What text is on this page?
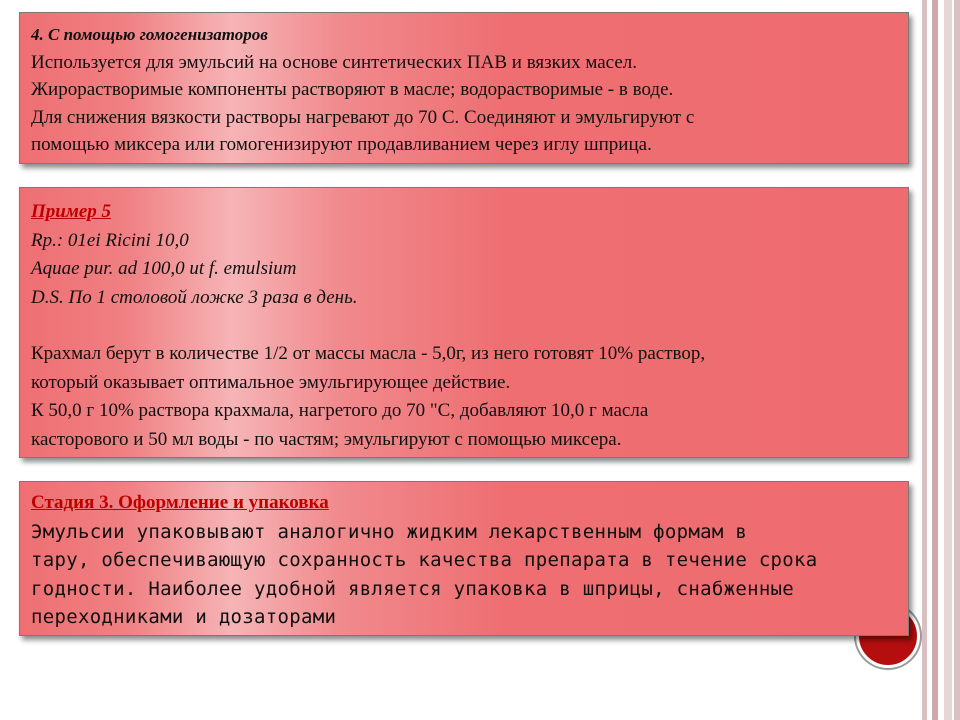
4. С помощью гомогенизаторов
Используется для эмульсий на основе синтетических ПАВ и вязких масел.
Жирорастворимые компоненты растворяют в масле; водорастворимые - в воде.
Для снижения вязкости растворы нагревают до 70 С. Соединяют и эмульгируют с
помощью миксера или гомогенизируют продавливанием через иглу шприца.
Пример 5
Rp.: 01ei Ricini 10,0
Aquae pur. ad 100,0 ut f. emulsium
D.S. По 1 столовой ложке 3 раза в день.
Крахмал берут в количестве 1/2 от массы масла - 5,0г, из него готовят 10% раствор,
который оказывает оптимальное эмульгирующее действие.
К 50,0 г 10% раствора крахмала, нагретого до 70 "С, добавляют 10,0 г масла
касторового и 50 мл воды - по частям; эмульгируют с помощью миксера.
Стадия 3. Оформление и упаковка
Эмульсии упаковывают аналогично жидким лекарственным формам в
тару, обеспечивающую сохранность качества препарата в течение срока
годности. Наиболее удобной является упаковка в шприцы, снабженные
переходниками и дозаторами
